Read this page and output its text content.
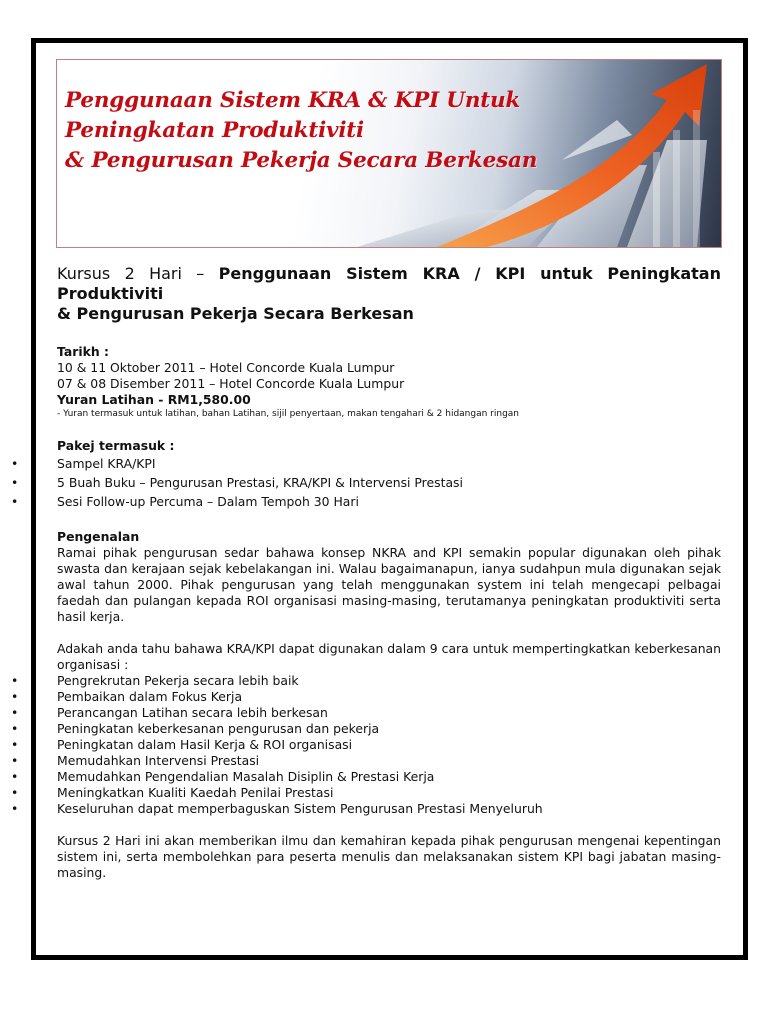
Penggunaan Sistem KRA & KPI Untuk
Peningkatan Produktiviti
& Pengurusan Pekerja Secara Berkesan
Kursus 2 Hari – Penggunaan Sistem KRA / KPI untuk Peningkatan Produktiviti
& Pengurusan Pekerja Secara Berkesan
Tarikh :
10 & 11 Oktober 2011 – Hotel Concorde Kuala Lumpur
07 & 08 Disember 2011 – Hotel Concorde Kuala Lumpur
Yuran Latihan - RM1,580.00
- Yuran termasuk untuk latihan, bahan Latihan, sijil penyertaan, makan tengahari & 2 hidangan ringan
Pakej termasuk :
•	Sampel KRA/KPI
•	5 Buah Buku – Pengurusan Prestasi, KRA/KPI & Intervensi Prestasi
•	Sesi Follow-up Percuma – Dalam Tempoh 30 Hari
Pengenalan

Ramai pihak pengurusan sedar bahawa konsep NKRA and KPI semakin popular digunakan oleh pihak swasta dan kerajaan sejak kebelakangan ini. Walau bagaimanapun, ianya sudahpun mula digunakan sejak awal tahun 2000. Pihak pengurusan yang telah menggunakan system ini telah mengecapi pelbagai faedah dan pulangan kepada ROI organisasi masing-masing, terutamanya peningkatan produktiviti serta hasil kerja.

Adakah anda tahu bahawa KRA/KPI dapat digunakan dalam 9 cara untuk mempertingkatkan keberkesanan organisasi :

•	Pengrekrutan Pekerja secara lebih baik
•	Pembaikan dalam Fokus Kerja
•	Perancangan Latihan secara lebih berkesan
•	Peningkatan keberkesanan pengurusan dan pekerja
•	Peningkatan dalam Hasil Kerja & ROI organisasi
•	Memudahkan Intervensi Prestasi
•	Memudahkan Pengendalian Masalah Disiplin & Prestasi Kerja
•	Meningkatkan Kualiti Kaedah Penilai Prestasi
•	Keseluruhan dapat memperbaguskan Sistem Pengurusan Prestasi Menyeluruh

Kursus 2 Hari ini akan memberikan ilmu dan kemahiran kepada pihak pengurusan mengenai kepentingan sistem ini, serta membolehkan para peserta menulis dan melaksanakan sistem KPI bagi jabatan masing-masing.
